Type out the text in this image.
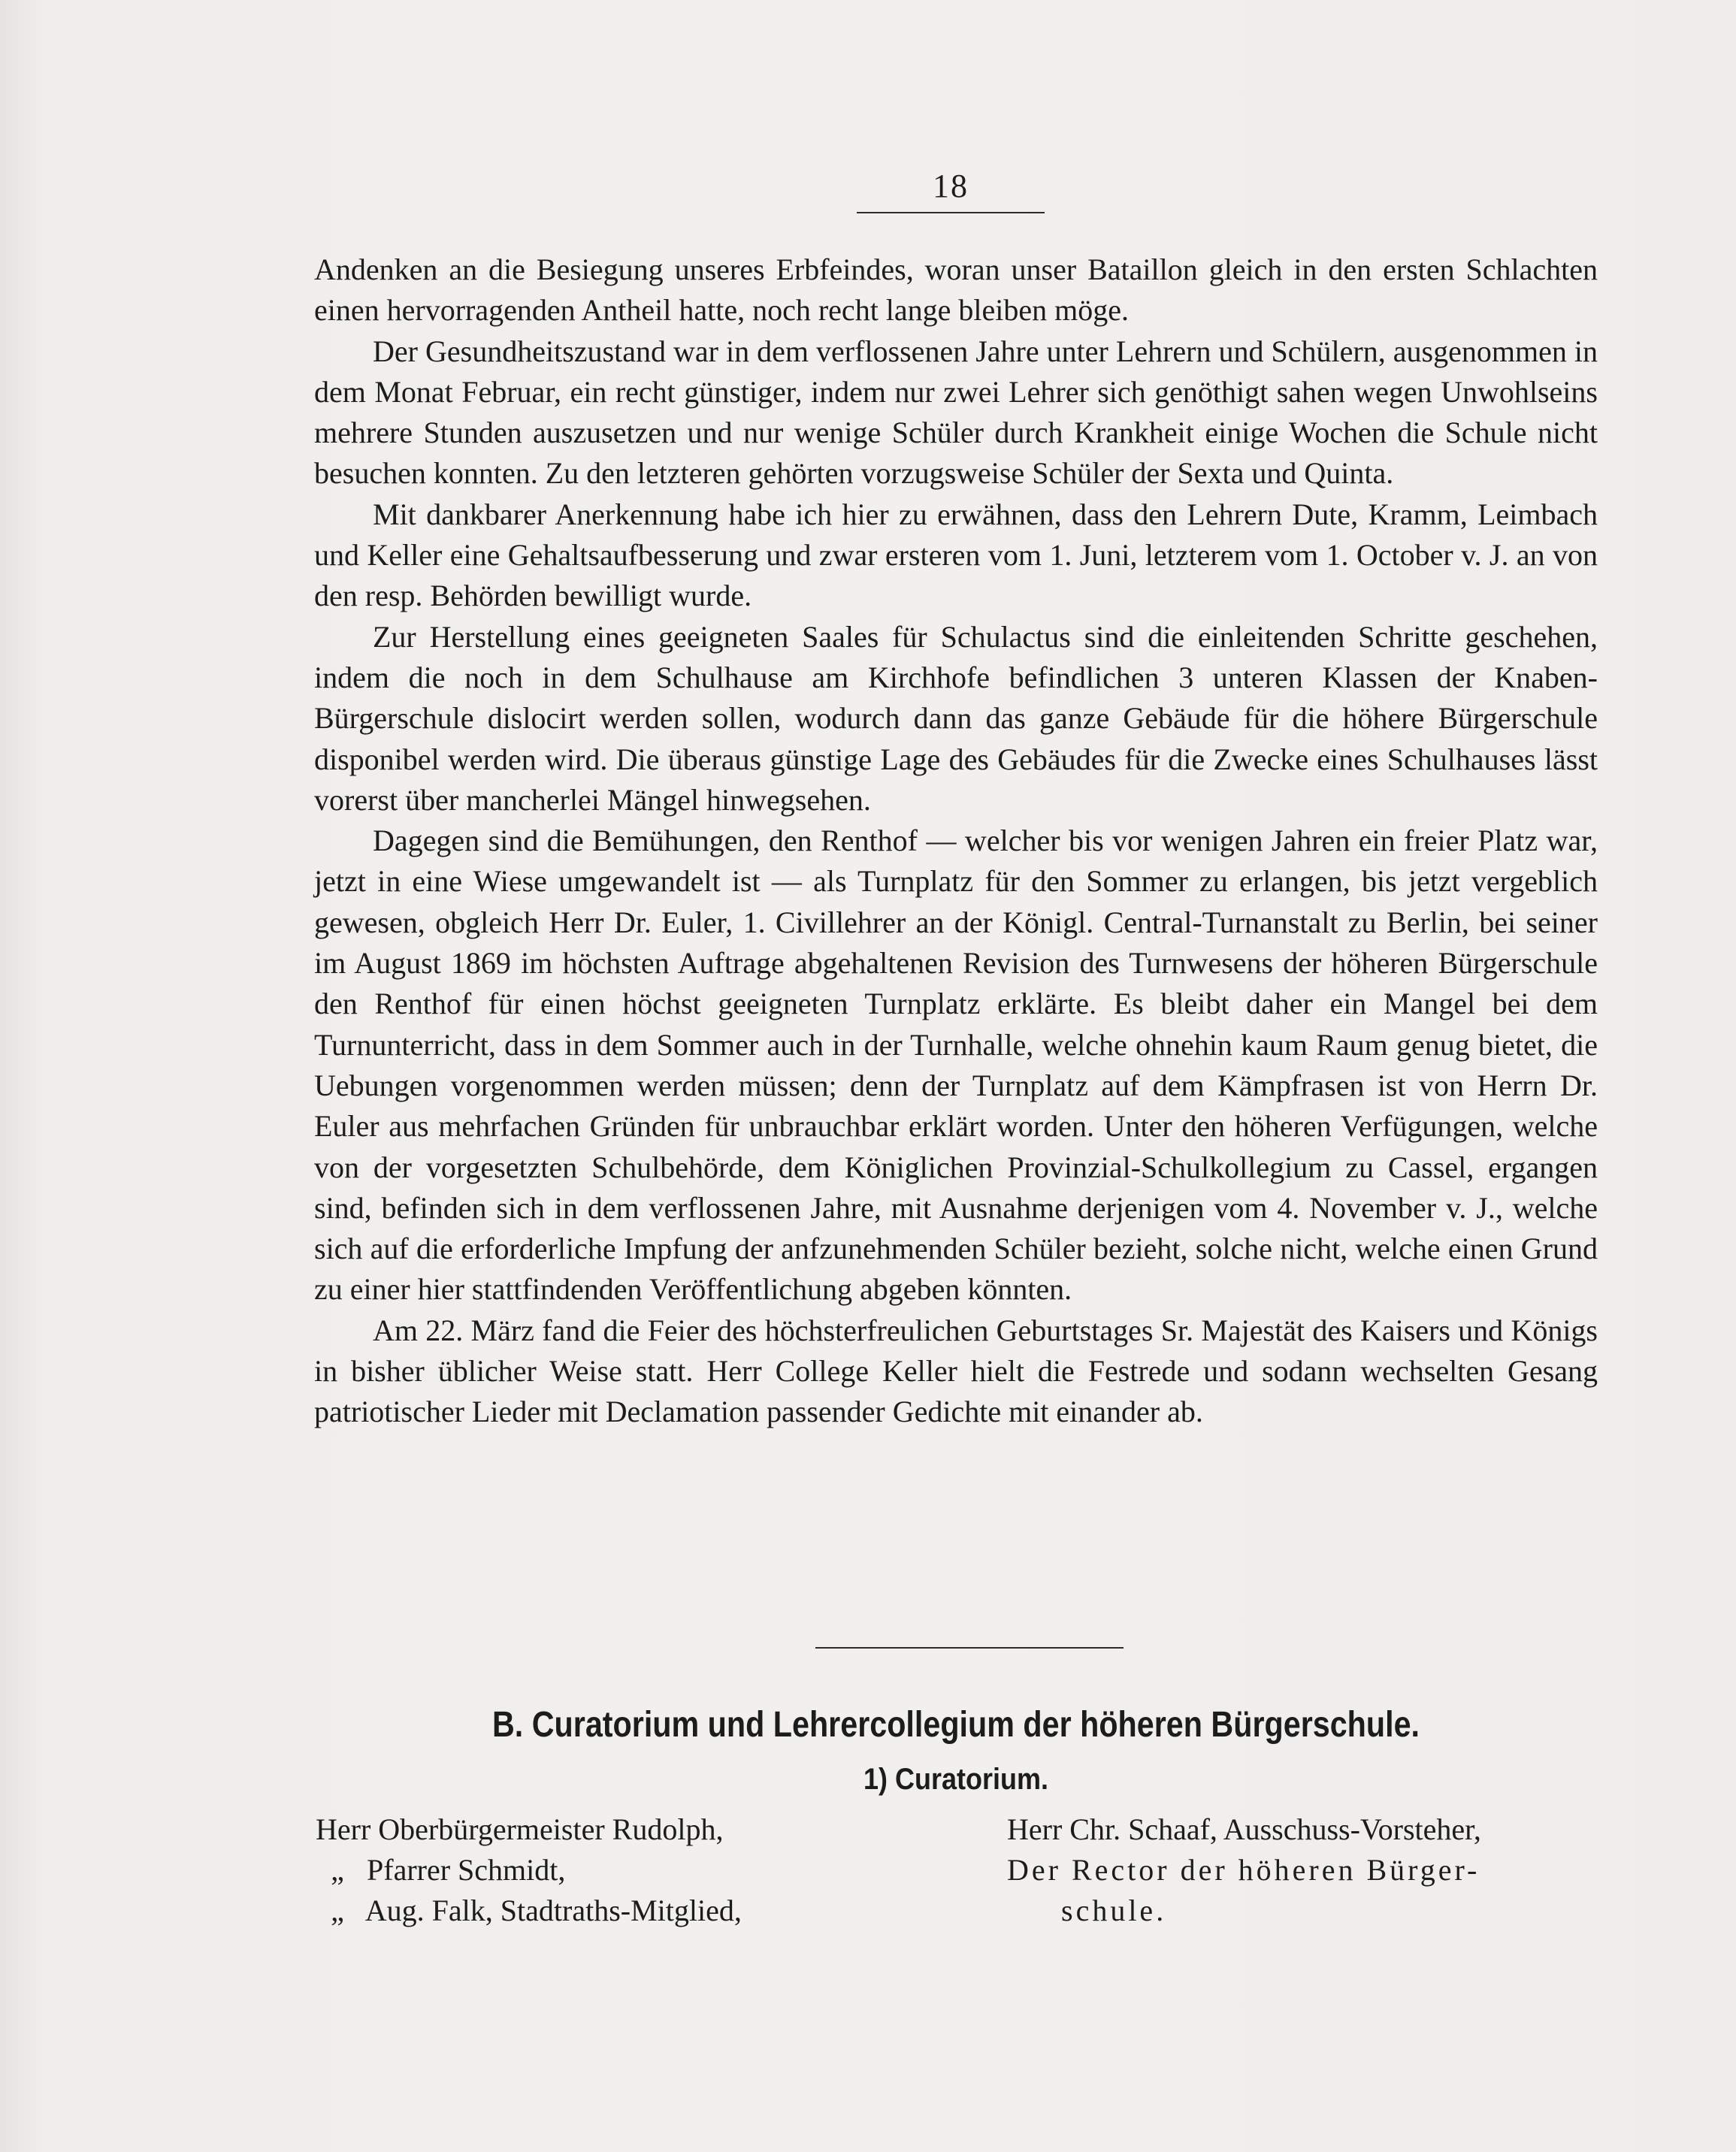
18

Andenken an die Besiegung unseres Erbfeindes, woran unser Bataillon gleich in den ersten Schlachten einen hervorragenden Antheil hatte, noch recht lange bleiben möge.

Der Gesundheitszustand war in dem verflossenen Jahre unter Lehrern und Schülern, ausgenommen in dem Monat Februar, ein recht günstiger, indem nur zwei Lehrer sich genöthigt sahen wegen Unwohlseins mehrere Stunden auszusetzen und nur wenige Schüler durch Krankheit einige Wochen die Schule nicht besuchen konnten. Zu den letzteren gehörten vorzugsweise Schüler der Sexta und Quinta.

Mit dankbarer Anerkennung habe ich hier zu erwähnen, dass den Lehrern Dute, Kramm, Leimbach und Keller eine Gehaltsaufbesserung und zwar ersteren vom 1. Juni, letzterem vom 1. October v. J. an von den resp. Behörden bewilligt wurde.

Zur Herstellung eines geeigneten Saales für Schulactus sind die einleitenden Schritte geschehen, indem die noch in dem Schulhause am Kirchhofe befindlichen 3 unteren Klassen der Knaben-Bürgerschule dislocirt werden sollen, wodurch dann das ganze Gebäude für die höhere Bürgerschule disponibel werden wird. Die überaus günstige Lage des Gebäudes für die Zwecke eines Schulhauses lässt vorerst über mancherlei Mängel hinwegsehen.

Dagegen sind die Bemühungen, den Renthof — welcher bis vor wenigen Jahren ein freier Platz war, jetzt in eine Wiese umgewandelt ist — als Turnplatz für den Sommer zu erlangen, bis jetzt vergeblich gewesen, obgleich Herr Dr. Euler, 1. Civillehrer an der Königl. Central-Turnanstalt zu Berlin, bei seiner im August 1869 im höchsten Auftrage abgehaltenen Revision des Turnwesens der höheren Bürgerschule den Renthof für einen höchst geeigneten Turnplatz erklärte. Es bleibt daher ein Mangel bei dem Turnunterricht, dass in dem Sommer auch in der Turnhalle, welche ohnehin kaum Raum genug bietet, die Uebungen vorgenommen werden müssen; denn der Turnplatz auf dem Kämpfrasen ist von Herrn Dr. Euler aus mehrfachen Gründen für unbrauchbar erklärt worden. Unter den höheren Verfügungen, welche von der vorgesetzten Schulbehörde, dem Königlichen Provinzial-Schulkollegium zu Cassel, ergangen sind, befinden sich in dem verflossenen Jahre, mit Ausnahme derjenigen vom 4. November v. J., welche sich auf die erforderliche Impfung der anfzunehmenden Schüler bezieht, solche nicht, welche einen Grund zu einer hier stattfindenden Veröffentlichung abgeben könnten.

Am 22. März fand die Feier des höchsterfreulichen Geburtstages Sr. Majestät des Kaisers und Königs in bisher üblicher Weise statt. Herr College Keller hielt die Festrede und sodann wechselten Gesang patriotischer Lieder mit Declamation passender Gedichte mit einander ab.

B. Curatorium und Lehrercollegium der höheren Bürgerschule.
1) Curatorium.
Herr Oberbürgermeister Rudolph,
„ Pfarrer Schmidt,
„ Aug. Falk, Stadtraths-Mitglied,
Herr Chr. Schaaf, Ausschuss-Vorsteher,
Der Rector der höheren Bürger-
schule.
